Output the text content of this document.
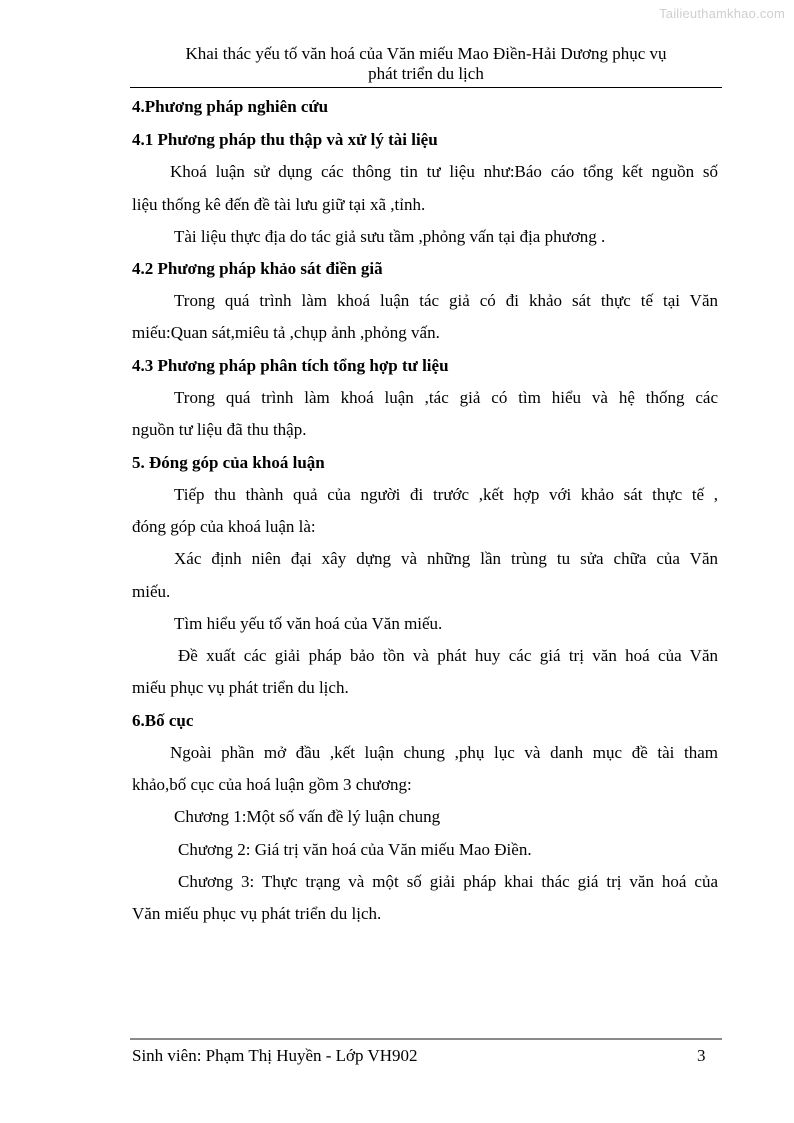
Tailieuthamkhao.com
Khai thác yếu tố văn hoá của Văn miếu Mao Điền-Hải Dương phục vụ
phát triển du lịch
4.Phương pháp nghiên cứu
4.1 Phương pháp thu thập và xử lý tài liệu
Khoá luận sử dụng các thông tin tư liệu như:Báo cáo tổng kết nguồn số
liệu thống kê đến đề tài lưu giữ tại xã ,tỉnh.
Tài liệu thực địa do tác giả sưu tầm ,phỏng vấn tại địa phương .
4.2 Phương pháp khảo sát điền giã
Trong quá trình làm khoá luận tác giả có đi khảo sát thực tế tại Văn
miếu:Quan sát,miêu tả ,chụp ảnh ,phỏng vấn.
4.3 Phương pháp phân tích tổng hợp tư liệu
Trong quá trình làm khoá luận ,tác giả có tìm hiểu và hệ thống các
nguồn tư liệu đã thu thập.
5. Đóng góp của khoá luận
Tiếp thu thành quả của người đi trước ,kết hợp với khảo sát thực tế ,
đóng góp của khoá luận là:
Xác định niên đại xây dựng và những lần trùng tu sửa chữa của Văn
miếu.
Tìm hiểu yếu tố văn hoá của Văn miếu.
Đề xuất các giải pháp bảo tồn và phát huy các giá trị văn hoá của Văn
miếu phục vụ phát triển du lịch.
6.Bố cục
Ngoài phần mở đầu ,kết luận chung ,phụ lục và danh mục đề tài tham
khảo,bố cục của hoá luận gồm 3 chương:
Chương 1:Một số vấn đề lý luận chung
Chương 2: Giá trị văn hoá của Văn miếu Mao Điền.
Chương 3: Thực trạng và một số giải pháp khai thác giá trị văn hoá của
Văn miếu phục vụ phát triển du lịch.
Sinh viên: Phạm Thị Huyền - Lớp VH902	3
